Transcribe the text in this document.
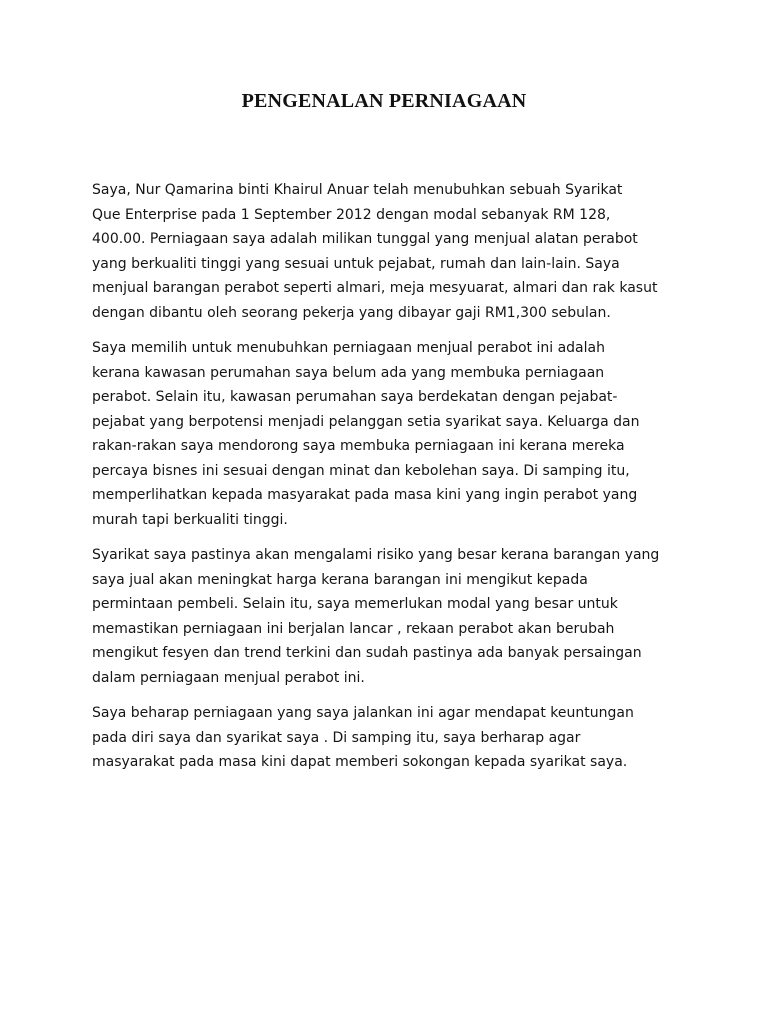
PENGENALAN PERNIAGAAN

Saya, Nur Qamarina binti Khairul Anuar telah menubuhkan sebuah Syarikat
Que Enterprise pada 1 September 2012 dengan modal sebanyak RM 128,
400.00. Perniagaan saya adalah milikan tunggal yang menjual alatan perabot
yang berkualiti tinggi yang sesuai untuk pejabat, rumah dan lain-lain. Saya
menjual barangan perabot seperti almari, meja mesyuarat, almari dan rak kasut
dengan dibantu oleh seorang pekerja yang dibayar gaji RM1,300 sebulan.

Saya memilih untuk menubuhkan perniagaan menjual perabot ini adalah
kerana kawasan perumahan saya belum ada yang membuka perniagaan
perabot. Selain itu, kawasan perumahan saya berdekatan dengan pejabat-
pejabat yang berpotensi menjadi pelanggan setia syarikat saya. Keluarga dan
rakan-rakan saya mendorong saya membuka perniagaan ini kerana mereka
percaya bisnes ini sesuai dengan minat dan kebolehan saya. Di samping itu,
memperlihatkan kepada masyarakat pada masa kini yang ingin perabot yang
murah tapi berkualiti tinggi.

Syarikat saya pastinya akan mengalami risiko yang besar kerana barangan yang
saya jual akan meningkat harga kerana barangan ini mengikut kepada
permintaan pembeli. Selain itu, saya memerlukan modal yang besar untuk
memastikan perniagaan ini berjalan lancar , rekaan perabot akan berubah
mengikut fesyen dan trend terkini dan sudah pastinya ada banyak persaingan
dalam perniagaan menjual perabot ini.

Saya beharap perniagaan yang saya jalankan ini agar mendapat keuntungan
pada diri saya dan syarikat saya . Di samping itu, saya berharap agar
masyarakat pada masa kini dapat memberi sokongan kepada syarikat saya.
